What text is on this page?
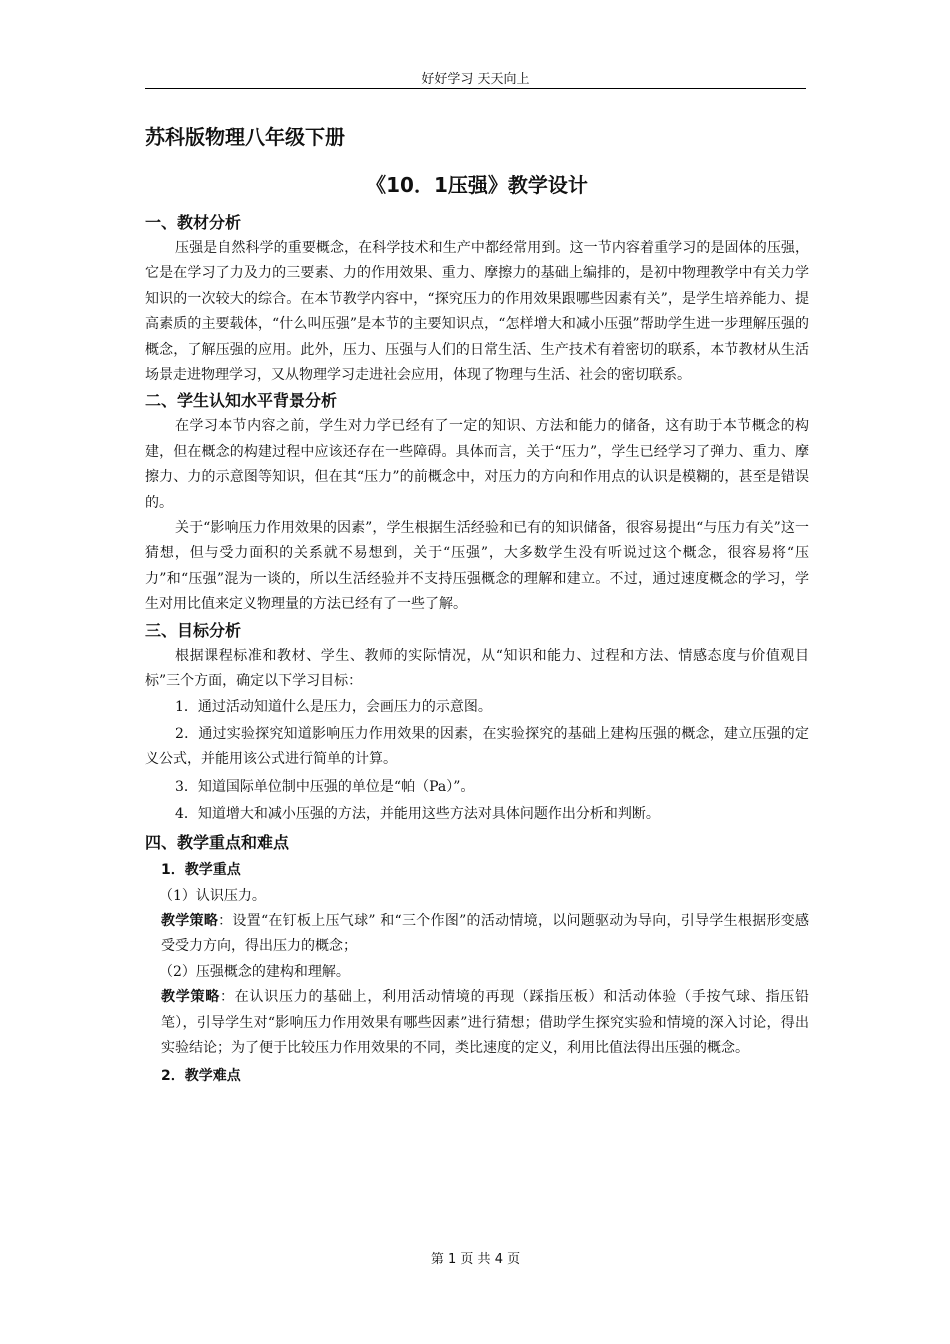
好好学习 天天向上

苏科版物理八年级下册

《10．1压强》教学设计

一、教材分析

压强是自然科学的重要概念，在科学技术和生产中都经常用到。这一节内容着重学习的是固体的压强，它是在学习了力及力的三要素、力的作用效果、重力、摩擦力的基础上编排的，是初中物理教学中有关力学知识的一次较大的综合。在本节教学内容中，“探究压力的作用效果跟哪些因素有关”，是学生培养能力、提高素质的主要载体，“什么叫压强”是本节的主要知识点，“怎样增大和减小压强”帮助学生进一步理解压强的概念，了解压强的应用。此外，压力、压强与人们的日常生活、生产技术有着密切的联系，本节教材从生活场景走进物理学习，又从物理学习走进社会应用，体现了物理与生活、社会的密切联系。

二、学生认知水平背景分析

在学习本节内容之前，学生对力学已经有了一定的知识、方法和能力的储备，这有助于本节概念的构建，但在概念的构建过程中应该还存在一些障碍。具体而言，关于“压力”，学生已经学习了弹力、重力、摩擦力、力的示意图等知识，但在其“压力”的前概念中，对压力的方向和作用点的认识是模糊的，甚至是错误的。

关于“影响压力作用效果的因素”，学生根据生活经验和已有的知识储备，很容易提出“与压力有关”这一猜想，但与受力面积的关系就不易想到，关于“压强”，大多数学生没有听说过这个概念，很容易将“压力”和“压强”混为一谈的，所以生活经验并不支持压强概念的理解和建立。不过，通过速度概念的学习，学生对用比值来定义物理量的方法已经有了一些了解。

三、目标分析

根据课程标准和教材、学生、教师的实际情况，从“知识和能力、过程和方法、情感态度与价值观目标”三个方面，确定以下学习目标：

1．通过活动知道什么是压力，会画压力的示意图。

2．通过实验探究知道影响压力作用效果的因素，在实验探究的基础上建构压强的概念，建立压强的定义公式，并能用该公式进行简单的计算。

3．知道国际单位制中压强的单位是“帕（Pa）”。

4．知道增大和减小压强的方法，并能用这些方法对具体问题作出分析和判断。

四、教学重点和难点

1．教学重点

（1）认识压力。

教学策略：设置“在钉板上压气球” 和“三个作图”的活动情境，以问题驱动为导向，引导学生根据形变感受受力方向，得出压力的概念；

（2）压强概念的建构和理解。

教学策略：在认识压力的基础上，利用活动情境的再现（踩指压板）和活动体验（手按气球、指压铅笔），引导学生对“影响压力作用效果有哪些因素”进行猜想；借助学生探究实验和情境的深入讨论，得出实验结论；为了便于比较压力作用效果的不同，类比速度的定义，利用比值法得出压强的概念。

2．教学难点

第 1 页 共 4 页
